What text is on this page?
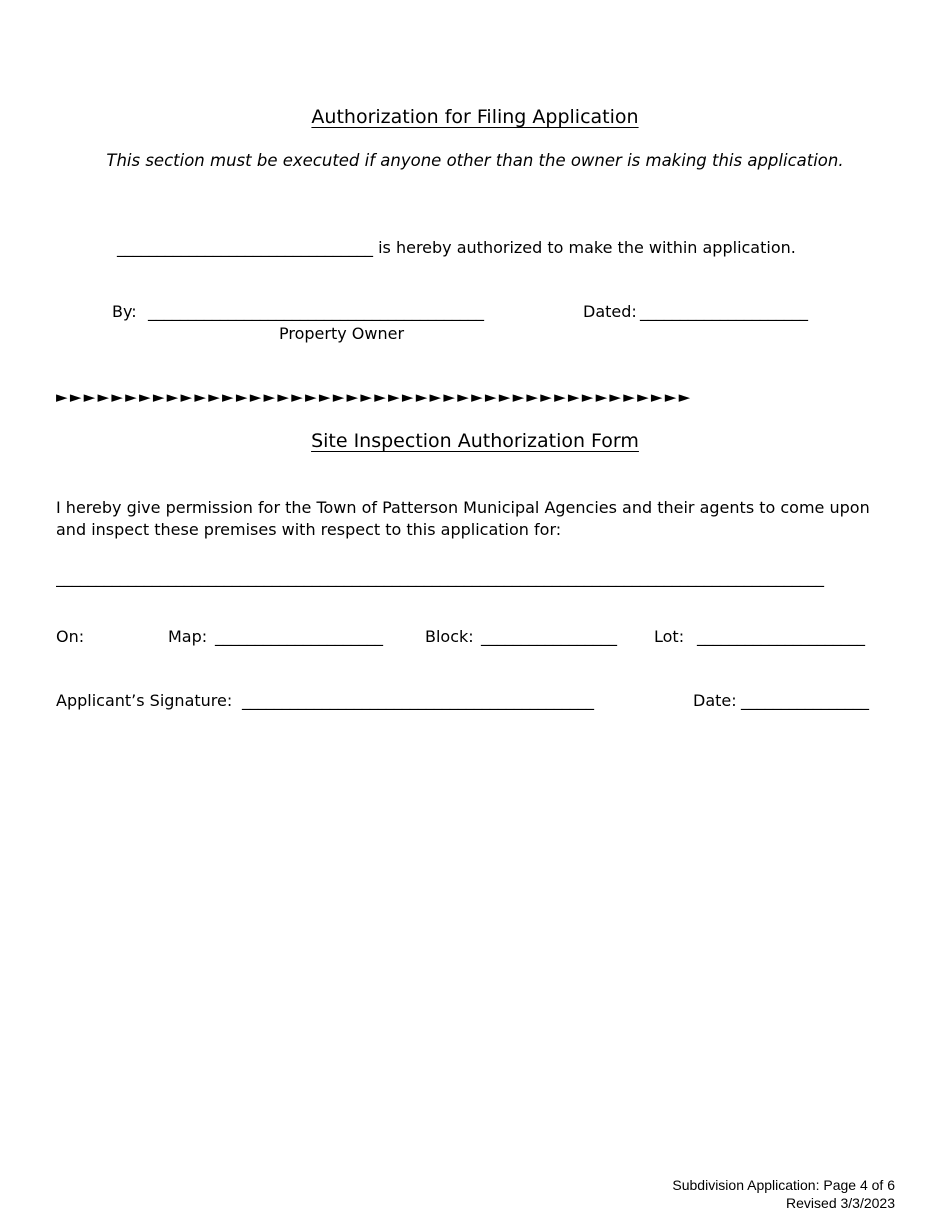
Authorization for Filing Application
This section must be executed if anyone other than the owner is making this application.
________________________________ is hereby authorized to make the within application.
By: __________________________________________	Dated: _____________________
Property Owner
►►►►►►►►►►►►►►►►►►►►►►►►►►►►►►►►►►►►►►►►►►►►►►
Site Inspection Authorization Form
I hereby give permission for the Town of Patterson Municipal Agencies and their agents to come upon
and inspect these premises with respect to this application for:
________________________________________________________________________________________________
On:	Map: _____________________	Block: _________________ Lot: _____________________
Applicant’s Signature: ____________________________________________	Date: ________________
Subdivision Application: Page 4 of 6
Revised 3/3/2023
